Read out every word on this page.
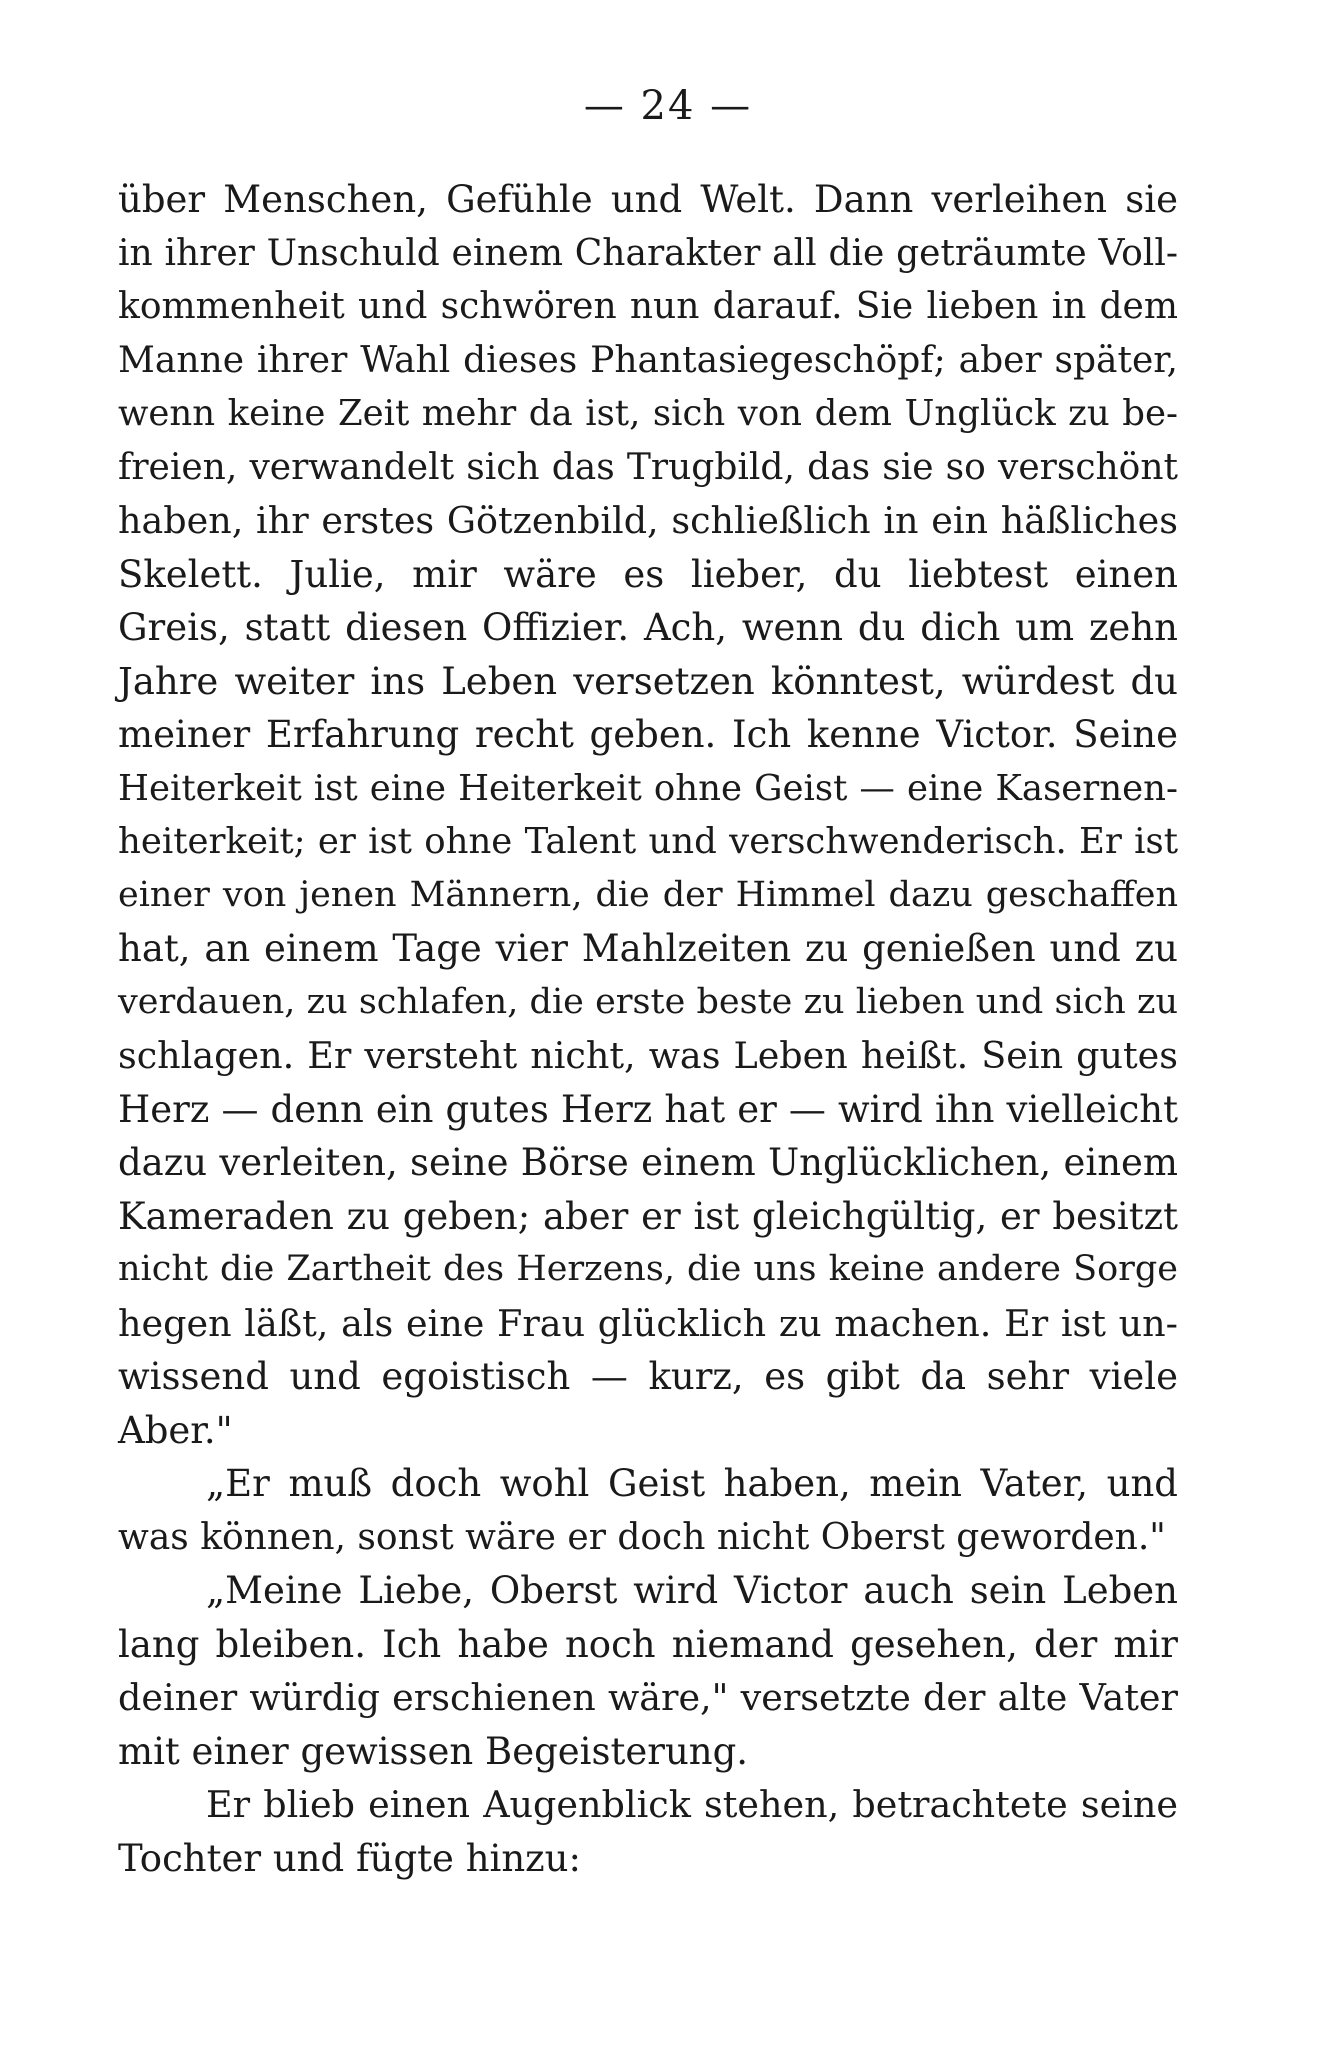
— 24 —
über Menschen, Gefühle und Welt. Dann verleihen sie
in ihrer Unschuld einem Charakter all die geträumte Voll-
kommenheit und schwören nun darauf. Sie lieben in dem
Manne ihrer Wahl dieses Phantasiegeschöpf; aber später,
wenn keine Zeit mehr da ist, sich von dem Unglück zu be-
freien, verwandelt sich das Trugbild, das sie so verschönt
haben, ihr erstes Götzenbild, schließlich in ein häßliches
Skelett. Julie, mir wäre es lieber, du liebtest einen
Greis, statt diesen Offizier. Ach, wenn du dich um zehn
Jahre weiter ins Leben versetzen könntest, würdest du
meiner Erfahrung recht geben. Ich kenne Victor. Seine
Heiterkeit ist eine Heiterkeit ohne Geist — eine Kasernen-
heiterkeit; er ist ohne Talent und verschwenderisch. Er ist
einer von jenen Männern, die der Himmel dazu geschaffen
hat, an einem Tage vier Mahlzeiten zu genießen und zu
verdauen, zu schlafen, die erste beste zu lieben und sich zu
schlagen. Er versteht nicht, was Leben heißt. Sein gutes
Herz — denn ein gutes Herz hat er — wird ihn vielleicht
dazu verleiten, seine Börse einem Unglücklichen, einem
Kameraden zu geben; aber er ist gleichgültig, er besitzt
nicht die Zartheit des Herzens, die uns keine andere Sorge
hegen läßt, als eine Frau glücklich zu machen. Er ist un-
wissend und egoistisch — kurz, es gibt da sehr viele
Aber."
„Er muß doch wohl Geist haben, mein Vater, und
was können, sonst wäre er doch nicht Oberst geworden."
„Meine Liebe, Oberst wird Victor auch sein Leben
lang bleiben. Ich habe noch niemand gesehen, der mir
deiner würdig erschienen wäre," versetzte der alte Vater
mit einer gewissen Begeisterung.
Er blieb einen Augenblick stehen, betrachtete seine
Tochter und fügte hinzu:
